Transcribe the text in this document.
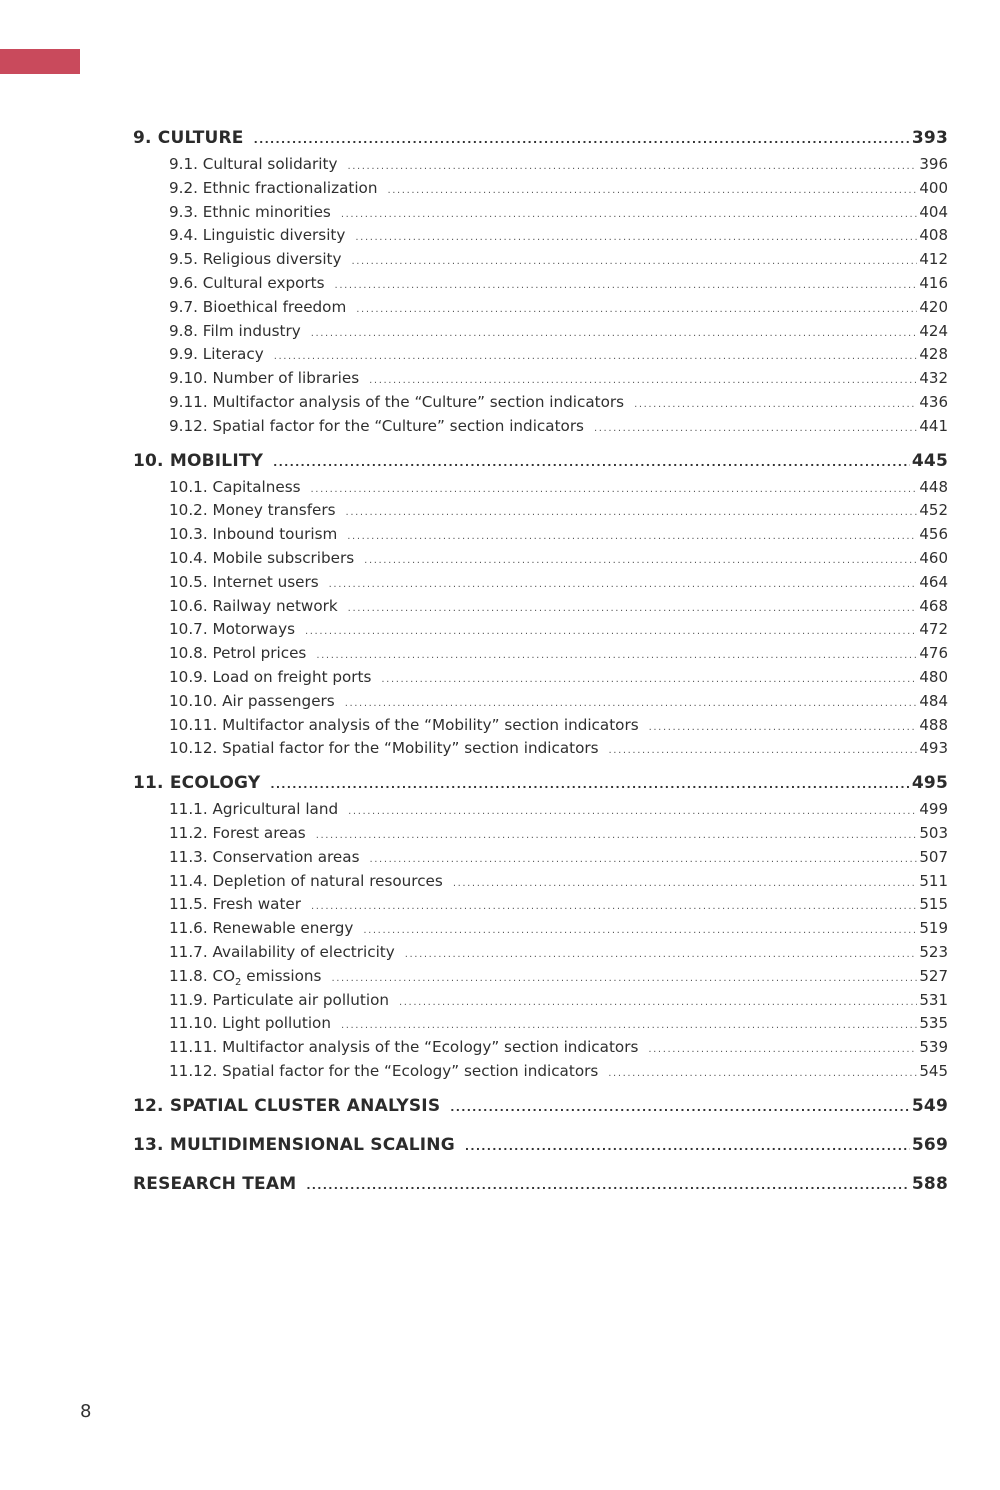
9. CULTURE .....	393
9.1. Cultural solidarity .....	396
9.2. Ethnic fractionalization .....	400
9.3. Ethnic minorities .....	404
9.4. Linguistic diversity .....	408
9.5. Religious diversity .....	412
9.6. Cultural exports .....	416
9.7. Bioethical freedom .....	420
9.8. Film industry .....	424
9.9. Literacy .....	428
9.10. Number of libraries .....	432
9.11. Multifactor analysis of the “Culture” section indicators .....	436
9.12. Spatial factor for the “Culture” section indicators .....	441
10. MOBILITY .....	445
10.1. Capitalness .....	448
10.2. Money transfers .....	452
10.3. Inbound tourism .....	456
10.4. Mobile subscribers .....	460
10.5. Internet users .....	464
10.6. Railway network .....	468
10.7. Motorways .....	472
10.8. Petrol prices .....	476
10.9. Load on freight ports .....	480
10.10. Air passengers .....	484
10.11. Multifactor analysis of the “Mobility” section indicators .....	488
10.12. Spatial factor for the “Mobility” section indicators .....	493
11. ECOLOGY .....	495
11.1. Agricultural land .....	499
11.2. Forest areas .....	503
11.3. Conservation areas .....	507
11.4. Depletion of natural resources .....	511
11.5. Fresh water .....	515
11.6. Renewable energy .....	519
11.7. Availability of electricity .....	523
11.8. $CO_2$ emissions .....	527
11.9. Particulate air pollution .....	531
11.10. Light pollution .....	535
11.11. Multifactor analysis of the “Ecology” section indicators .....	539
11.12. Spatial factor for the “Ecology” section indicators .....	545
12. SPATIAL CLUSTER ANALYSIS .....	549
13. MULTIDIMENSIONAL SCALING .....	569
RESEARCH TEAM .....	588
8
